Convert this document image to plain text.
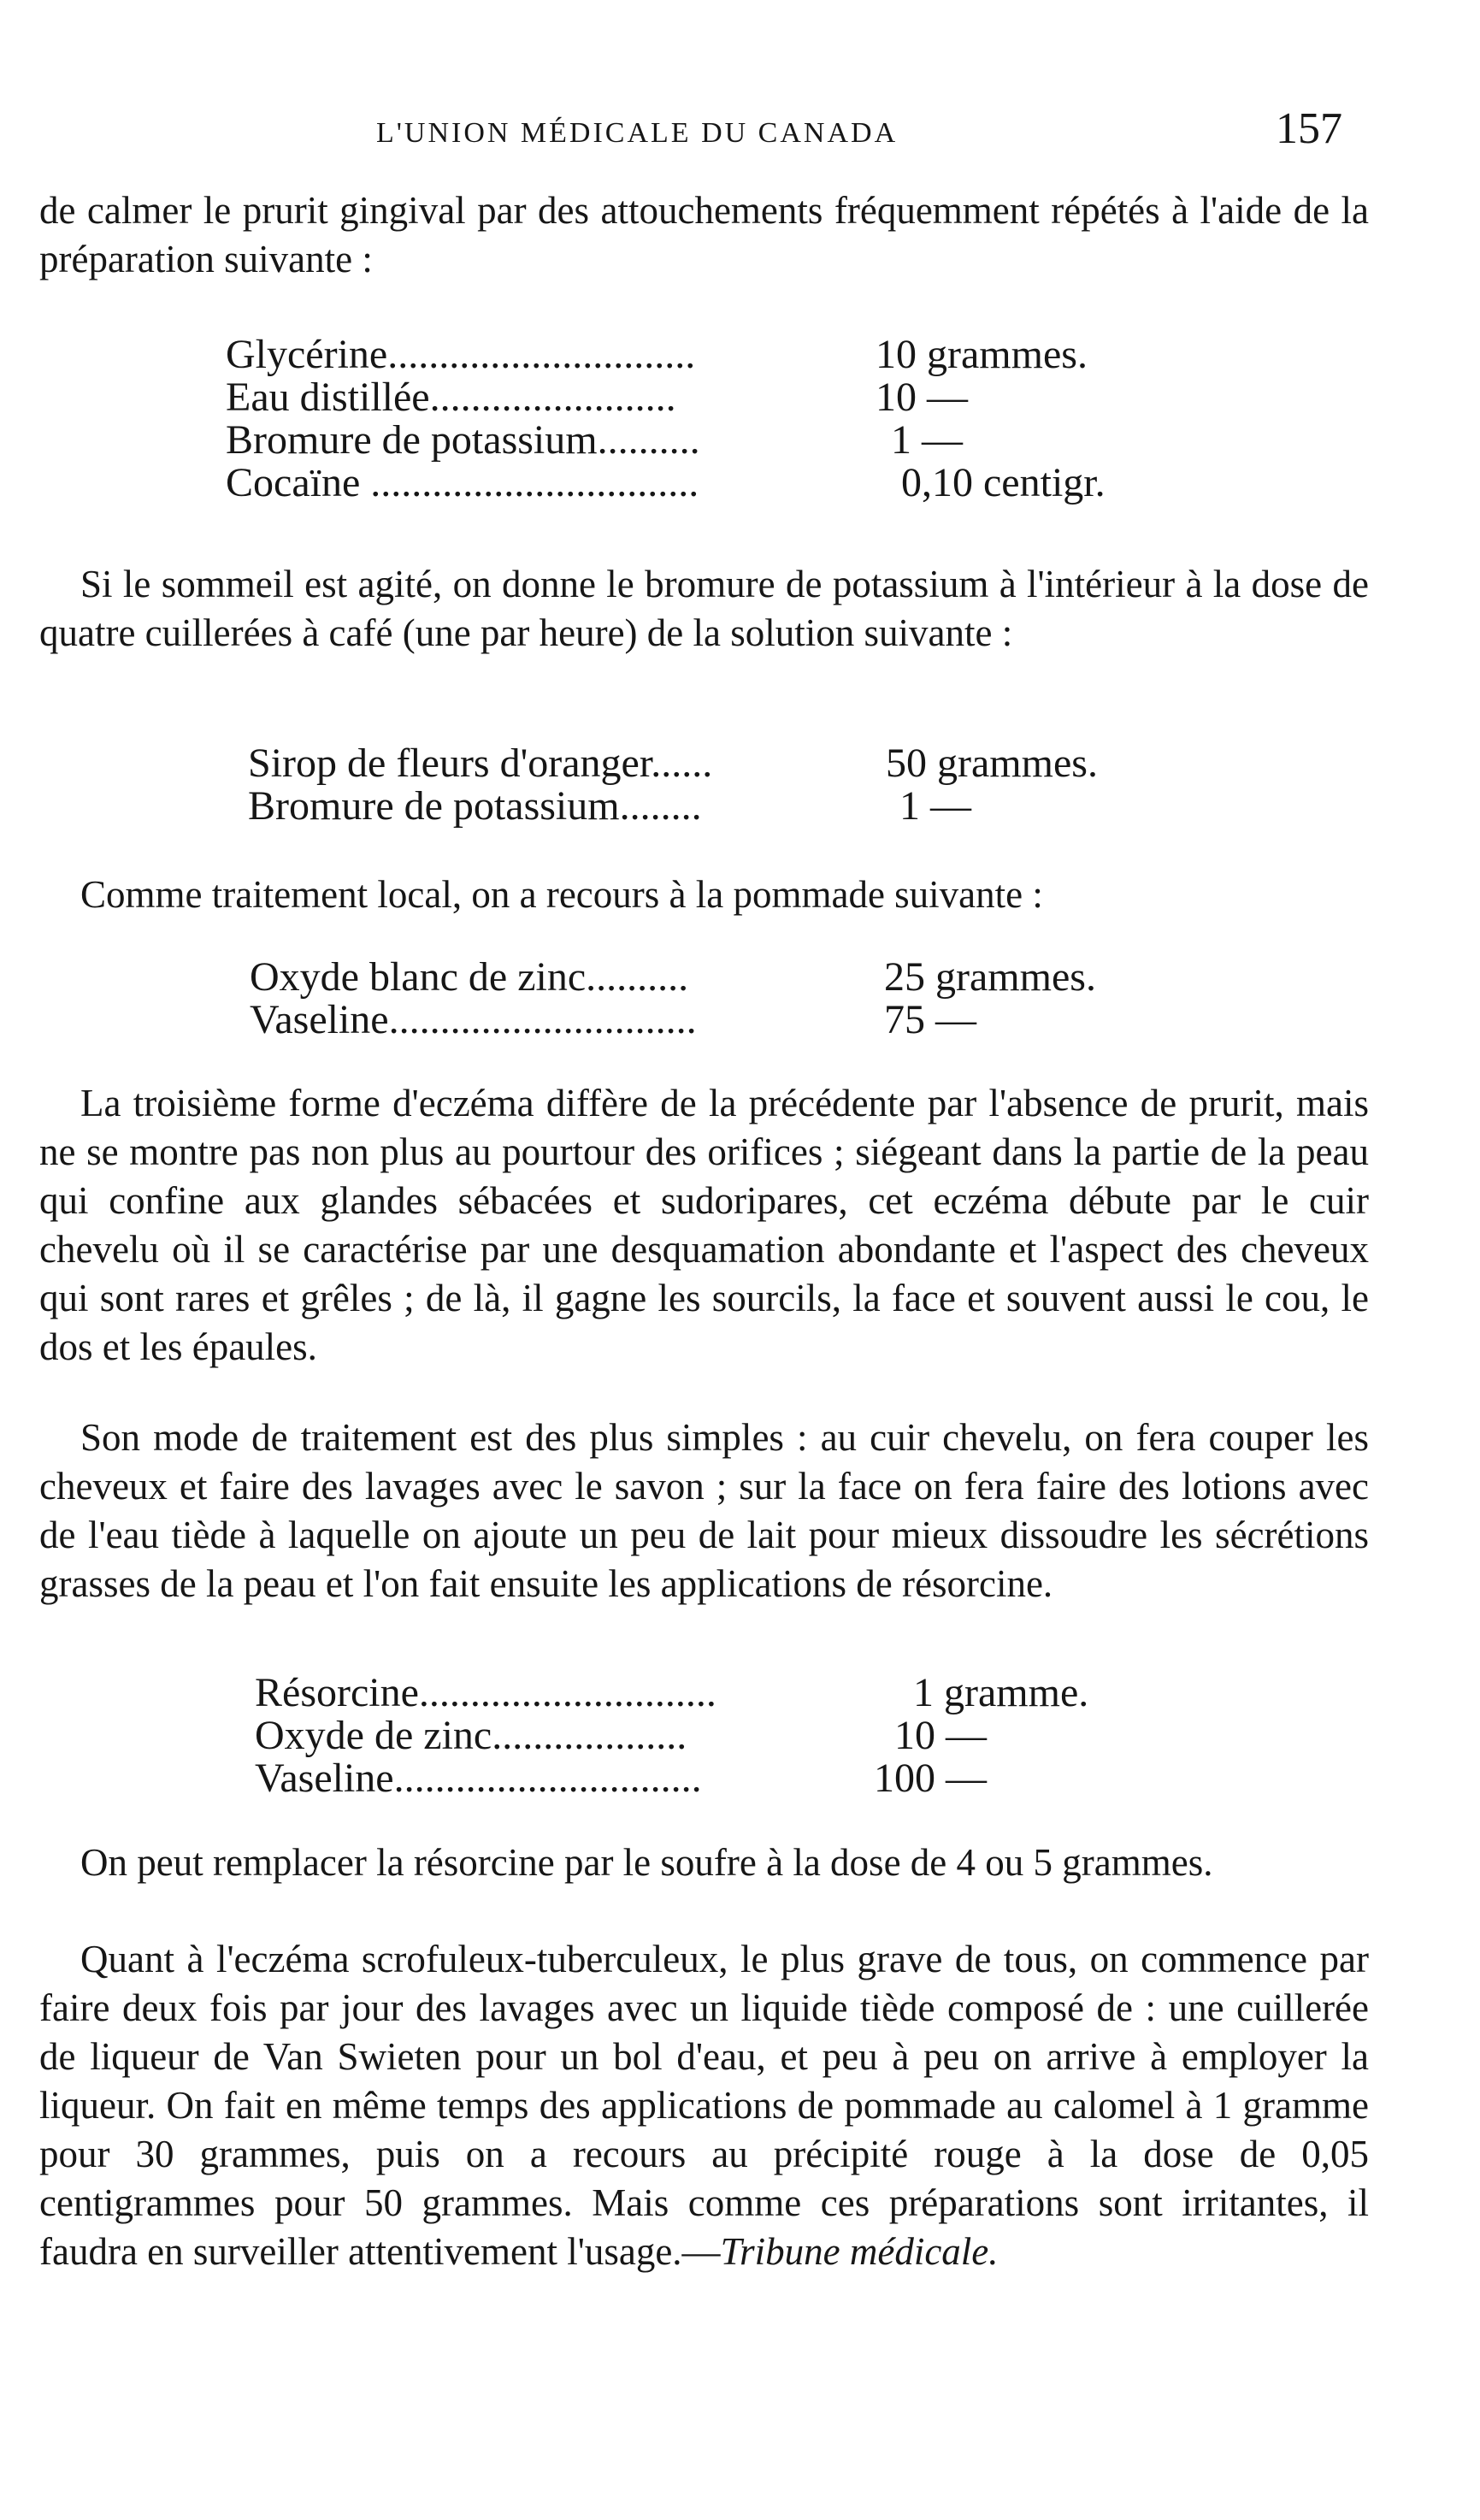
L'UNION MÉDICALE DU CANADA	157

de calmer le prurit gingival par des attouchements fréquemment répétés à l'aide de la préparation suivante :

Glycérine..............................	10 grammes.
Eau distillée........................	10 —
Bromure de potassium..........	1 —
Cocaïne ................................	0,10 centigr.

Si le sommeil est agité, on donne le bromure de potassium à l'intérieur à la dose de quatre cuillerées à café (une par heure) de la solution suivante :

Sirop de fleurs d'oranger......	50 grammes.
Bromure de potassium........	1 —

Comme traitement local, on a recours à la pommade suivante :

Oxyde blanc de zinc..........	25 grammes.
Vaseline..............................	75 —

La troisième forme d'eczéma diffère de la précédente par l'absence de prurit, mais ne se montre pas non plus au pourtour des orifices ; siégeant dans la partie de la peau qui confine aux glandes sébacées et sudoripares, cet eczéma débute par le cuir chevelu où il se caractérise par une desquamation abondante et l'aspect des cheveux qui sont rares et grêles ; de là, il gagne les sourcils, la face et souvent aussi le cou, le dos et les épaules.

Son mode de traitement est des plus simples : au cuir chevelu, on fera couper les cheveux et faire des lavages avec le savon ; sur la face on fera faire des lotions avec de l'eau tiède à laquelle on ajoute un peu de lait pour mieux dissoudre les sécrétions grasses de la peau et l'on fait ensuite les applications de résorcine.

Résorcine.............................	1 gramme.
Oxyde de zinc...................	10 —
Vaseline..............................	100 —

On peut remplacer la résorcine par le soufre à la dose de 4 ou 5 grammes.

Quant à l'eczéma scrofuleux-tuberculeux, le plus grave de tous, on commence par faire deux fois par jour des lavages avec un liquide tiède composé de : une cuillerée de liqueur de Van Swieten pour un bol d'eau, et peu à peu on arrive à employer la liqueur. On fait en même temps des applications de pommade au calomel à 1 gramme pour 30 grammes, puis on a recours au précipité rouge à la dose de 0,05 centigrammes pour 50 grammes. Mais comme ces préparations sont irritantes, il faudra en surveiller attentivement l'usage.—Tribune médicale.
